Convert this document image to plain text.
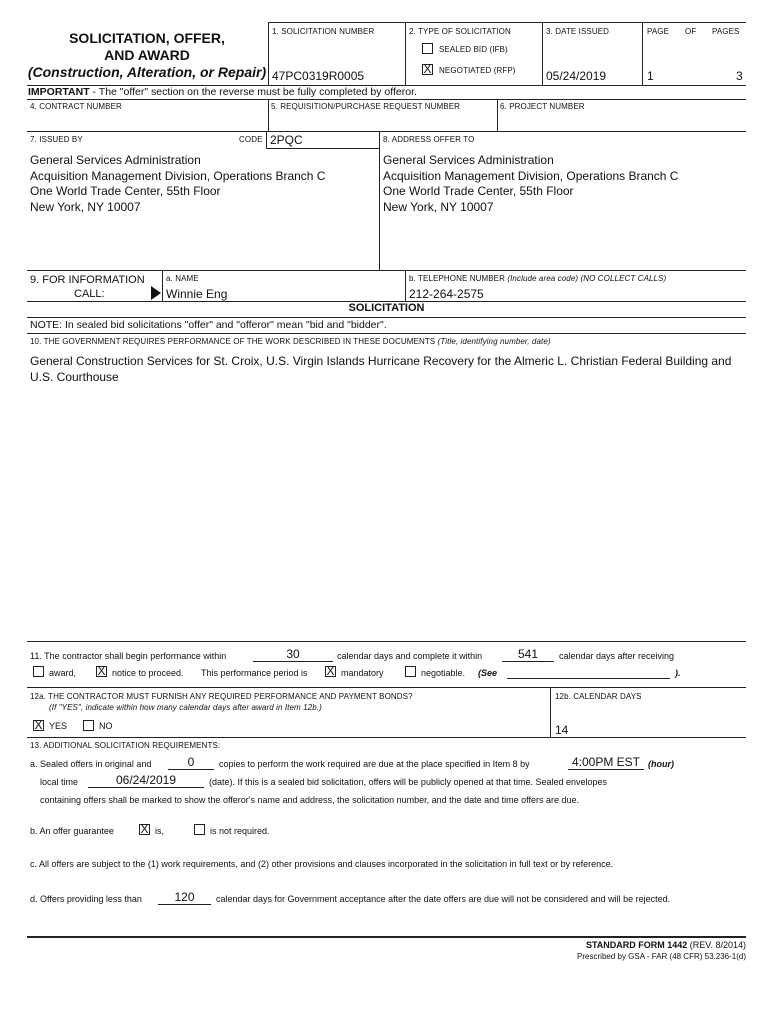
SOLICITATION, OFFER,
AND AWARD
(Construction, Alteration, or Repair)
1. SOLICITATION NUMBER
47PC0319R0005
2. TYPE OF SOLICITATION
SEALED BID (IFB)
X NEGOTIATED (RFP)
3. DATE ISSUED
05/24/2019
PAGE OF PAGES
1	3
IMPORTANT - The "offer" section on the reverse must be fully completed by offeror.
4. CONTRACT NUMBER	5. REQUISITION/PURCHASE REQUEST NUMBER	6. PROJECT NUMBER
7. ISSUED BY	CODE 2PQC
General Services Administration
Acquisition Management Division, Operations Branch C
One World Trade Center, 55th Floor
New York, NY 10007
8. ADDRESS OFFER TO
General Services Administration
Acquisition Management Division, Operations Branch C
One World Trade Center, 55th Floor
New York, NY 10007
9. FOR INFORMATION
CALL:
a. NAME
Winnie Eng
b. TELEPHONE NUMBER (Include area code) (NO COLLECT CALLS)
212-264-2575
SOLICITATION
NOTE: In sealed bid solicitations "offer" and "offeror" mean "bid and "bidder".
10. THE GOVERNMENT REQUIRES PERFORMANCE OF THE WORK DESCRIBED IN THESE DOCUMENTS (Title, identifying number, date)
General Construction Services for St. Croix, U.S. Virgin Islands Hurricane Recovery for the Almeric L. Christian Federal Building and U.S. Courthouse
11. The contractor shall begin performance within	30	calendar days and complete it within	541	calendar days after receiving
award, X notice to proceed. This performance period is X mandatory	negotiable. (See	).
12a. THE CONTRACTOR MUST FURNISH ANY REQUIRED PERFORMANCE AND PAYMENT BONDS?
(If "YES", indicate within how many calendar days after award in Item 12b.)
X YES	NO
12b. CALENDAR DAYS
14
13. ADDITIONAL SOLICITATION REQUIREMENTS:
a. Sealed offers in original and	0	copies to perform the work required are due at the place specified in Item 8 by	4:00PM EST (hour)
local time	06/24/2019	(date). If this is a sealed bid solicitation, offers will be publicly opened at that time. Sealed envelopes
containing offers shall be marked to show the offeror's name and address, the solicitation number, and the date and time offers are due.
b. An offer guarantee X is,	is not required.
c. All offers are subject to the (1) work requirements, and (2) other provisions and clauses incorporated in the solicitation in full text or by reference.
d. Offers providing less than	120	calendar days for Government acceptance after the date offers are due will not be considered and will be rejected.
STANDARD FORM 1442 (REV. 8/2014)
Prescribed by GSA - FAR (48 CFR) 53.236-1(d)
